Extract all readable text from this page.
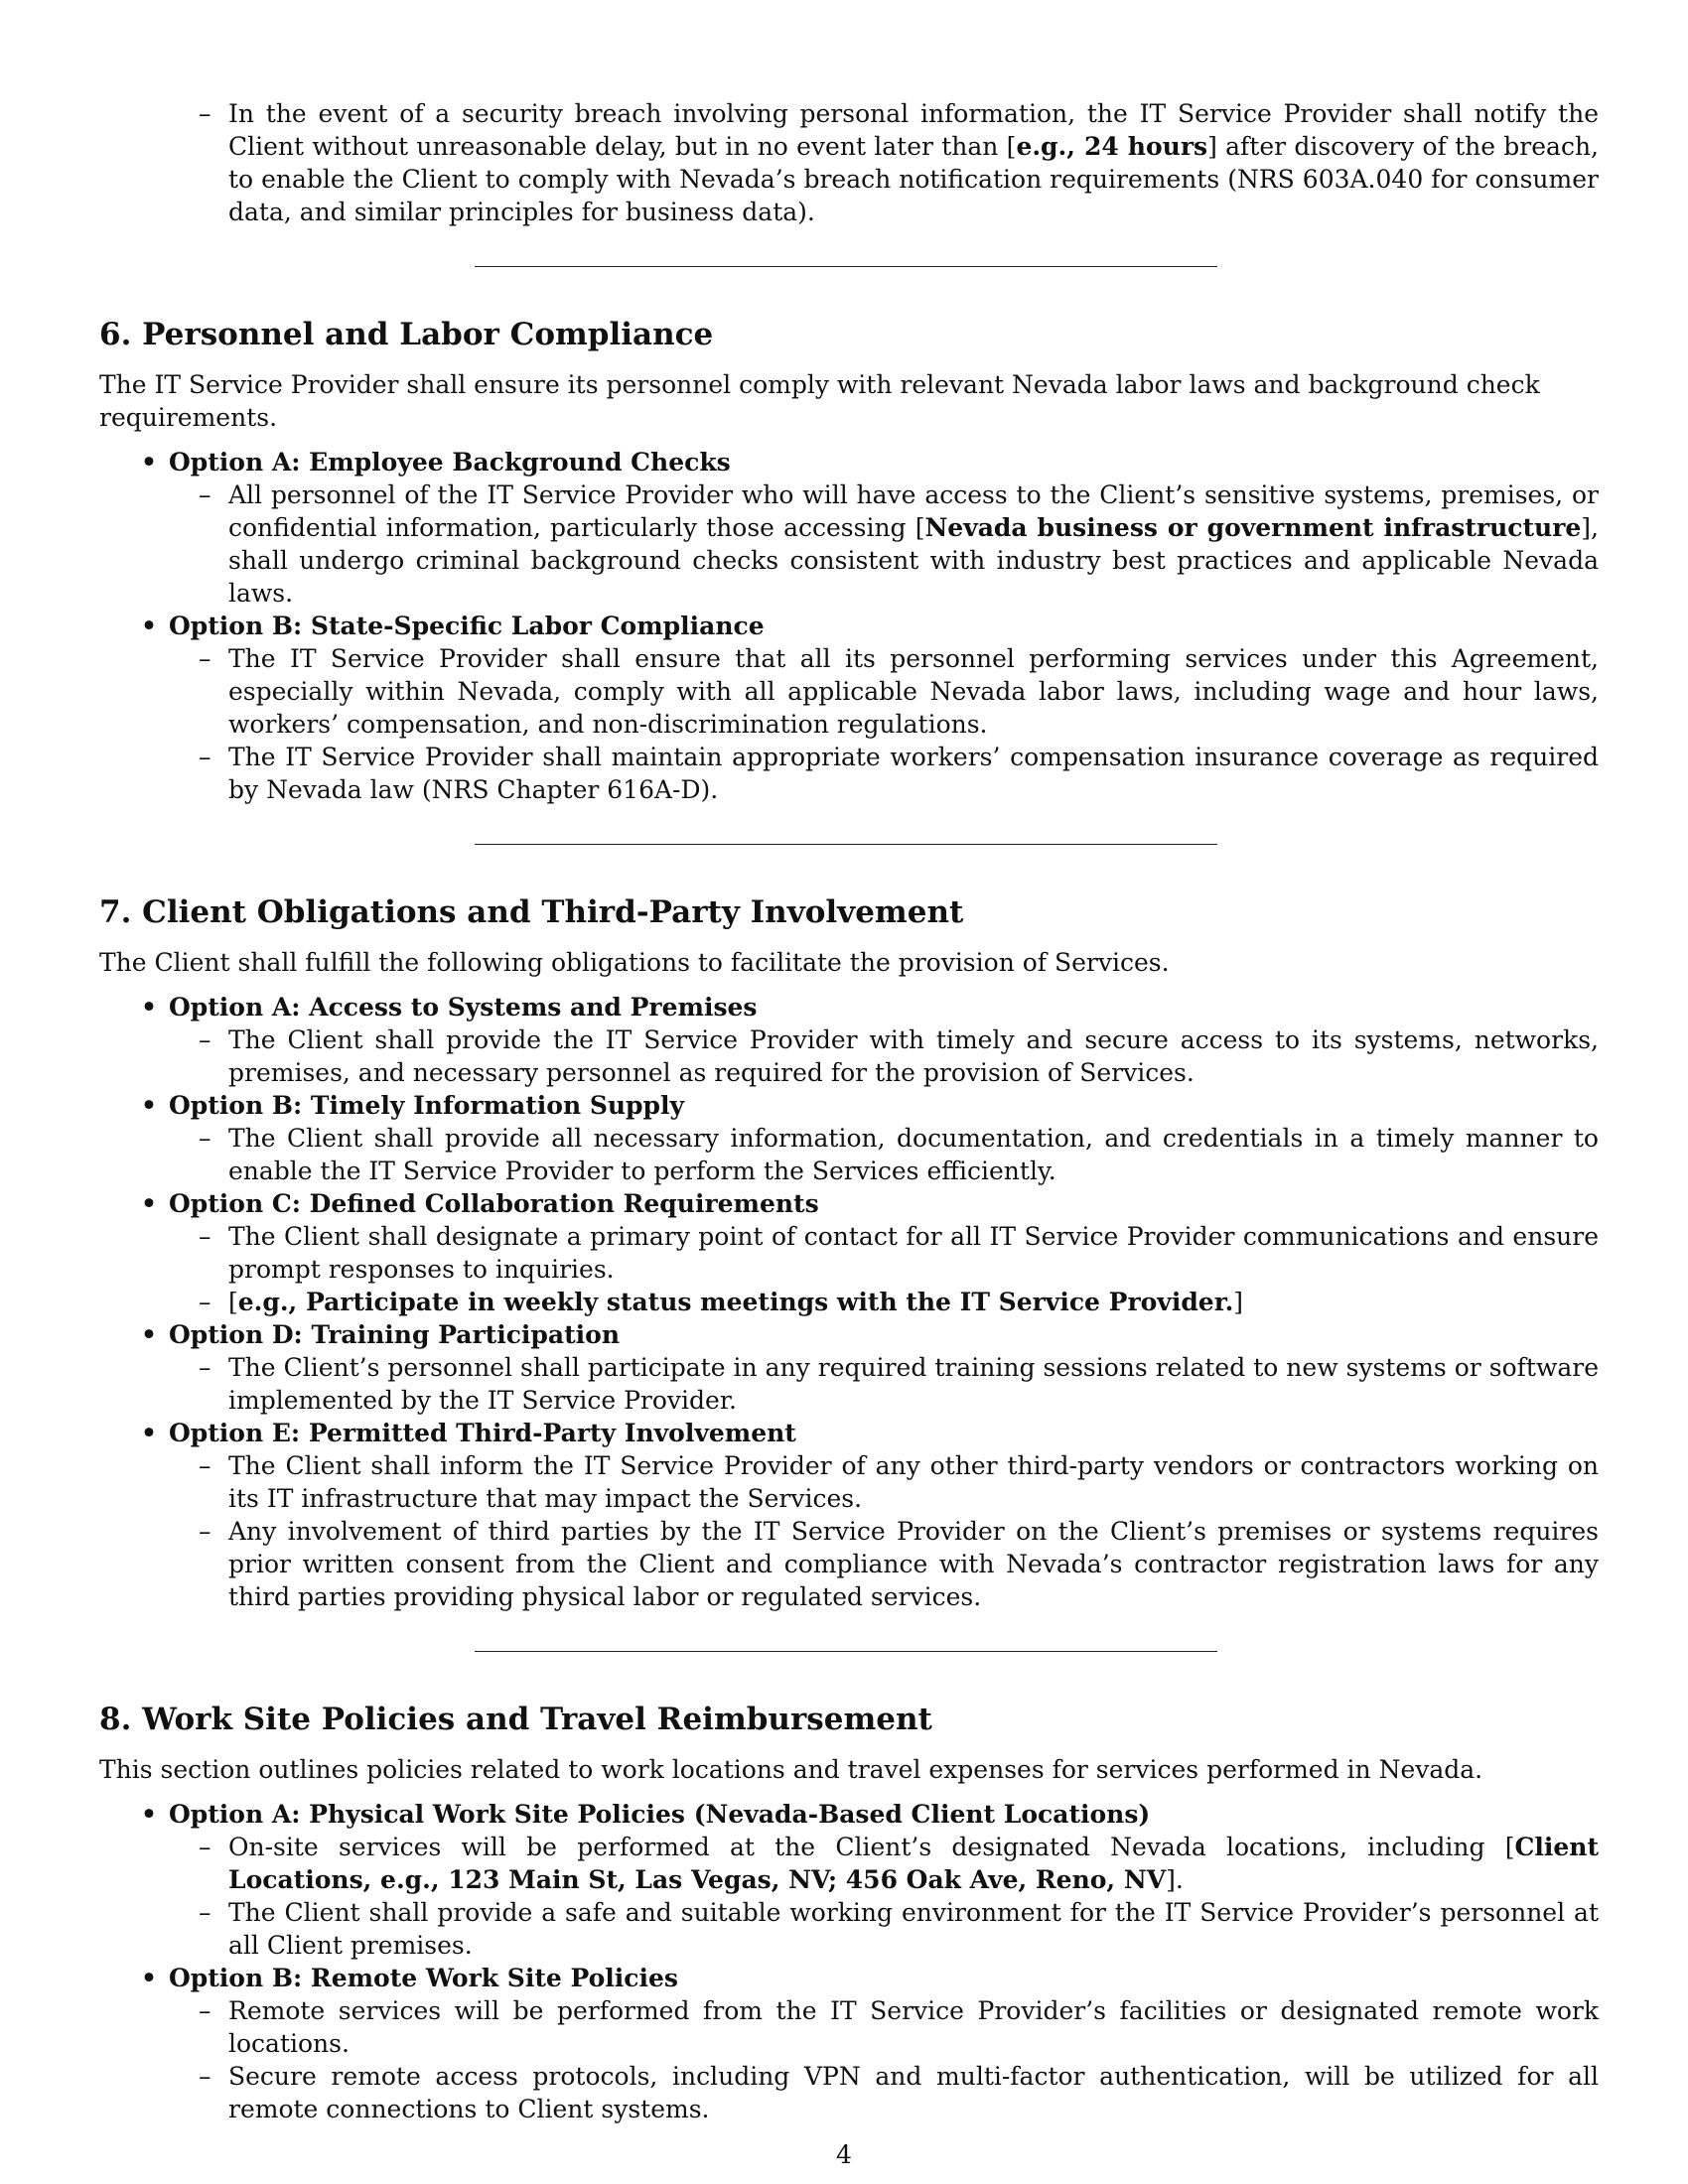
– In the event of a security breach involving personal information, the IT Service Provider shall notify the Client without unreasonable delay, but in no event later than [e.g., 24 hours] after discovery of the breach, to enable the Client to comply with Nevada’s breach notification requirements (NRS 603A.040 for consumer data, and similar principles for business data).
6. Personnel and Labor Compliance

The IT Service Provider shall ensure its personnel comply with relevant Nevada labor laws and background check requirements.

• Option A: Employee Background Checks
– All personnel of the IT Service Provider who will have access to the Client’s sensitive systems, premises, or confidential information, particularly those accessing [Nevada business or government infrastructure], shall undergo criminal background checks consistent with industry best practices and applicable Nevada laws.
• Option B: State-Specific Labor Compliance
– The IT Service Provider shall ensure that all its personnel performing services under this Agreement, especially within Nevada, comply with all applicable Nevada labor laws, including wage and hour laws, workers’ compensation, and non-discrimination regulations.
– The IT Service Provider shall maintain appropriate workers’ compensation insurance coverage as required by Nevada law (NRS Chapter 616A-D).
7. Client Obligations and Third-Party Involvement

The Client shall fulfill the following obligations to facilitate the provision of Services.

• Option A: Access to Systems and Premises
– The Client shall provide the IT Service Provider with timely and secure access to its systems, networks, premises, and necessary personnel as required for the provision of Services.
• Option B: Timely Information Supply
– The Client shall provide all necessary information, documentation, and credentials in a timely manner to enable the IT Service Provider to perform the Services efficiently.
• Option C: Defined Collaboration Requirements
– The Client shall designate a primary point of contact for all IT Service Provider communications and ensure prompt responses to inquiries.
– [e.g., Participate in weekly status meetings with the IT Service Provider.]
• Option D: Training Participation
– The Client’s personnel shall participate in any required training sessions related to new systems or software implemented by the IT Service Provider.
• Option E: Permitted Third-Party Involvement
– The Client shall inform the IT Service Provider of any other third-party vendors or contractors working on its IT infrastructure that may impact the Services.
– Any involvement of third parties by the IT Service Provider on the Client’s premises or systems requires prior written consent from the Client and compliance with Nevada’s contractor registration laws for any third parties providing physical labor or regulated services.
8. Work Site Policies and Travel Reimbursement

This section outlines policies related to work locations and travel expenses for services performed in Nevada.

• Option A: Physical Work Site Policies (Nevada-Based Client Locations)
– On-site services will be performed at the Client’s designated Nevada locations, including [Client Locations, e.g., 123 Main St, Las Vegas, NV; 456 Oak Ave, Reno, NV].
– The Client shall provide a safe and suitable working environment for the IT Service Provider’s personnel at all Client premises.
• Option B: Remote Work Site Policies
– Remote services will be performed from the IT Service Provider’s facilities or designated remote work locations.
– Secure remote access protocols, including VPN and multi-factor authentication, will be utilized for all remote connections to Client systems.
4
